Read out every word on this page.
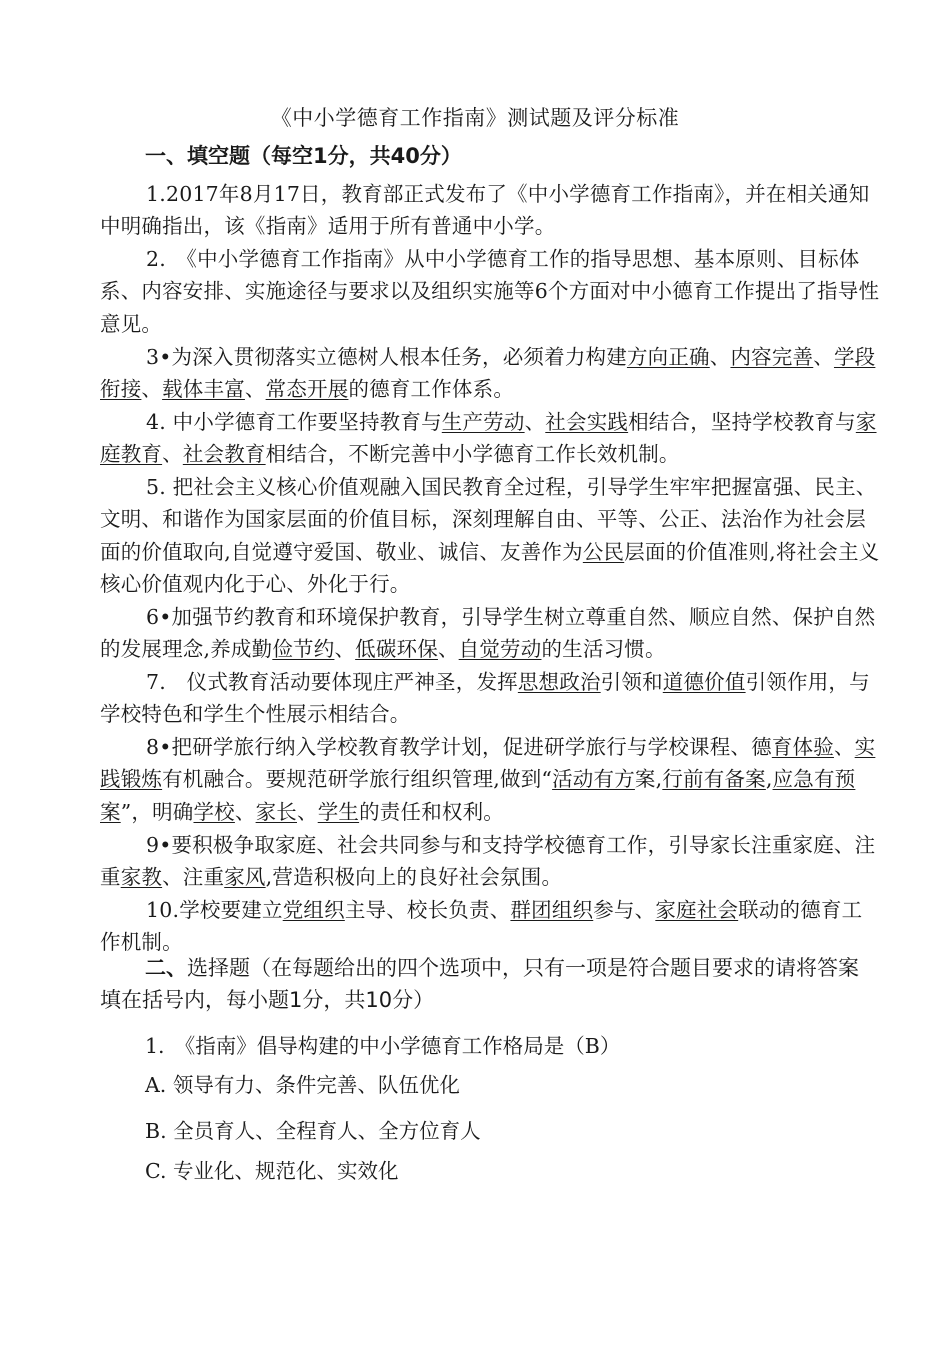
《中小学德育工作指南》测试题及评分标准
一、填空题（每空1分，共40分）

1.2017年8月17日，教育部正式发布了《中小学德育工作指南》，并在相关通知中明确指出，该《指南》适用于所有普通中小学。

2.　《中小学德育工作指南》从中小学德育工作的指导思想、基本原则、目标体系、内容安排、实施途径与要求以及组织实施等6个方面对中小德育工作提出了指导性意见。

3•为深入贯彻落实立德树人根本任务，必须着力构建方向正确、内容完善、学段衔接、载体丰富、常态开展的德育工作体系。

4. 中小学德育工作要坚持教育与生产劳动、社会实践相结合，坚持学校教育与家庭教育、社会教育相结合，不断完善中小学德育工作长效机制。

5. 把社会主义核心价值观融入国民教育全过程，引导学生牢牢把握富强、民主、文明、和谐作为国家层面的价值目标，深刻理解自由、平等、公正、法治作为社会层面的价值取向,自觉遵守爱国、敬业、诚信、友善作为公民层面的价值准则,将社会主义核心价值观内化于心、外化于行。

6•加强节约教育和环境保护教育，引导学生树立尊重自然、顺应自然、保护自然的发展理念,养成勤俭节约、低碳环保、自觉劳动的生活习惯。

7.　仪式教育活动要体现庄严神圣，发挥思想政治引领和道德价值引领作用，与学校特色和学生个性展示相结合。

8•把研学旅行纳入学校教育教学计划，促进研学旅行与学校课程、德育体验、实践锻炼有机融合。要规范研学旅行组织管理,做到“活动有方案,行前有备案,应急有预案”，明确学校、家长、学生的责任和权利。

9•要积极争取家庭、社会共同参与和支持学校德育工作，引导家长注重家庭、注重家教、注重家风,营造积极向上的良好社会氛围。

10.学校要建立党组织主导、校长负责、群团组织参与、家庭社会联动的德育工作机制。

二、选择题（在每题给出的四个选项中，只有一项是符合题目要求的请将答案填在括号内，每小题1分，共10分）
1.　《指南》倡导构建的中小学德育工作格局是（B）
A. 领导有力、条件完善、队伍优化
B. 全员育人、全程育人、全方位育人
C. 专业化、规范化、实效化
